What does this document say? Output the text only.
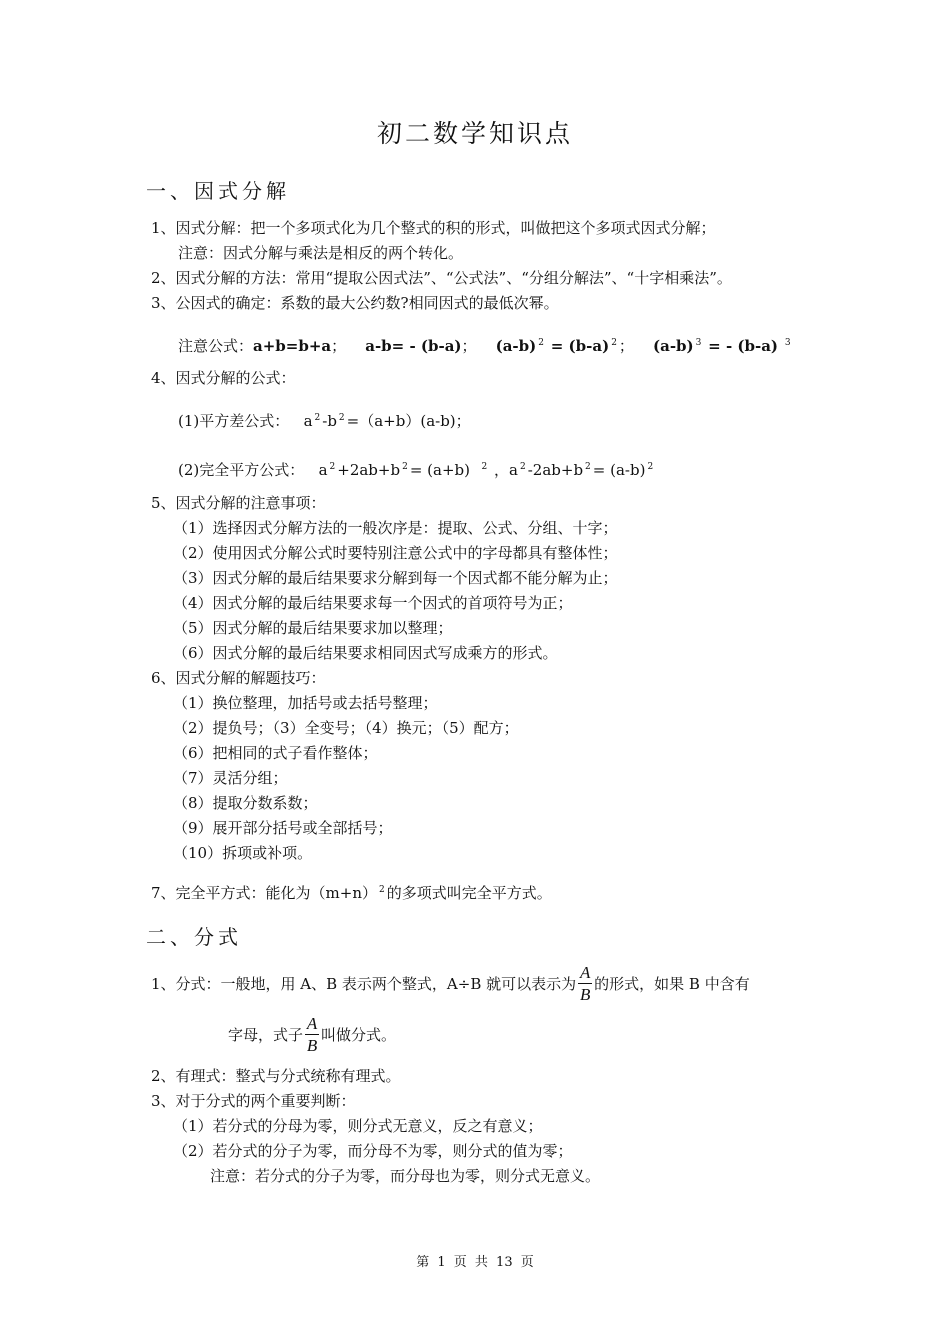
初二数学知识点
一、因式分解
1、因式分解：把一个多项式化为几个整式的积的形式，叫做把这个多项式因式分解；
注意：因式分解与乘法是相反的两个转化。
2、因式分解的方法：常用“提取公因式法”、“公式法”、“分组分解法”、“十字相乘法”。
3、公因式的确定：系数的最大公约数?相同因式的最低次幂。
注意公式：a+b=b+a；    a-b= - (b-a)；    (a-b) $^2$ = (b-a) $^2$ ；    (a-b) $^3$ = - (b-a) $^3$
4、因式分解的公式：
(1)平方差公式： a $^2$ -b $^2$ =（a+b）(a-b)；
(2)完全平方公式： a $^2$ +2ab+b $^2$ = (a+b) $^2$ ，a $^2$ -2ab+b $^2$ = (a-b) $^2$
5、因式分解的注意事项：
（1）选择因式分解方法的一般次序是：提取、公式、分组、十字；
（2）使用因式分解公式时要特别注意公式中的字母都具有整体性；
（3）因式分解的最后结果要求分解到每一个因式都不能分解为止；
（4）因式分解的最后结果要求每一个因式的首项符号为正；
（5）因式分解的最后结果要求加以整理；
（6）因式分解的最后结果要求相同因式写成乘方的形式。
6、因式分解的解题技巧：
（1）换位整理，加括号或去括号整理；
（2）提负号；（3）全变号；（4）换元；（5）配方；
（6）把相同的式子看作整体；
（7）灵活分组；
（8）提取分数系数；
（9）展开部分括号或全部括号；
（10）拆项或补项。
7、完全平方式：能化为（m+n） $^2$ 的多项式叫完全平方式。
二、分式
1、分式：一般地，用 A、B 表示两个整式，A÷B 就可以表示为 $\frac{A}{B}$ 的形式，如果 B 中含有
字母，式子 $\frac{A}{B}$ 叫做分式。
2、有理式：整式与分式统称有理式。
3、对于分式的两个重要判断：
（1）若分式的分母为零，则分式无意义，反之有意义；
（2）若分式的分子为零，而分母不为零，则分式的值为零；
注意：若分式的分子为零，而分母也为零，则分式无意义。
第 1 页 共 13 页
